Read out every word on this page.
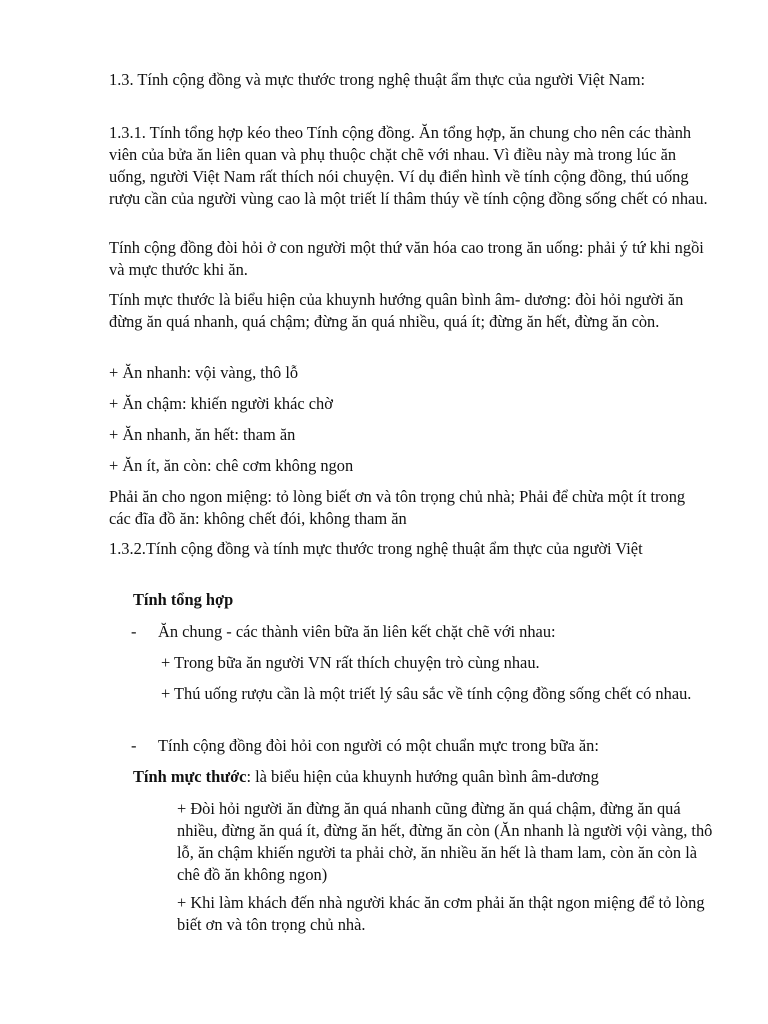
1.3. Tính cộng đồng và mực thước trong nghệ thuật ẩm thực của người Việt Nam:

1.3.1. Tính tổng hợp kéo theo Tính cộng đồng. Ăn tổng hợp, ăn chung cho nên các thành viên của bửa ăn liên quan và phụ thuộc chặt chẽ với nhau. Vì điều này mà trong lúc ăn uống, người Việt Nam rất thích nói chuyện. Ví dụ điển hình về tính cộng đồng, thú uống rượu cần của người vùng cao là một triết lí thâm thúy về tính cộng đồng sống chết có nhau.

Tính cộng đồng đòi hỏi ở con người một thứ văn hóa cao trong ăn uống: phải ý tứ khi ngồi và mực thước khi ăn.

Tính mực thước là biểu hiện của khuynh hướng quân bình âm- dương: đòi hỏi người ăn đừng ăn quá nhanh, quá chậm; đừng ăn quá nhiều, quá ít; đừng ăn hết, đừng ăn còn.

+ Ăn nhanh: vội vàng, thô lỗ

+ Ăn chậm: khiến người khác chờ

+ Ăn nhanh, ăn hết: tham ăn

+ Ăn ít, ăn còn: chê cơm không ngon

Phải ăn cho ngon miệng: tỏ lòng biết ơn và tôn trọng chủ nhà; Phải để chừa một ít trong các đĩa đồ ăn: không chết đói, không tham ăn

1.3.2.Tính cộng đồng và tính mực thước trong nghệ thuật ẩm thực của người Việt

Tính tổng hợp

- Ăn chung - các thành viên bữa ăn liên kết chặt chẽ với nhau:

+ Trong bữa ăn người VN rất thích chuyện trò cùng nhau.

+ Thú uống rượu cần là một triết lý sâu sắc về tính cộng đồng sống chết có nhau.

- Tính cộng đồng đòi hỏi con người có một chuẩn mực trong bữa ăn:

Tính mực thước: là biểu hiện của khuynh hướng quân bình âm-dương

+ Đòi hỏi người ăn đừng ăn quá nhanh cũng đừng ăn quá chậm, đừng ăn quá nhiều, đừng ăn quá ít, đừng ăn hết, đừng ăn còn (Ăn nhanh là người vội vàng, thô lỗ, ăn chậm khiến người ta phải chờ, ăn nhiều ăn hết là tham lam, còn ăn còn là chê đồ ăn không ngon)

+ Khi làm khách đến nhà người khác ăn cơm phải ăn thật ngon miệng để tỏ lòng biết ơn và tôn trọng chủ nhà.
